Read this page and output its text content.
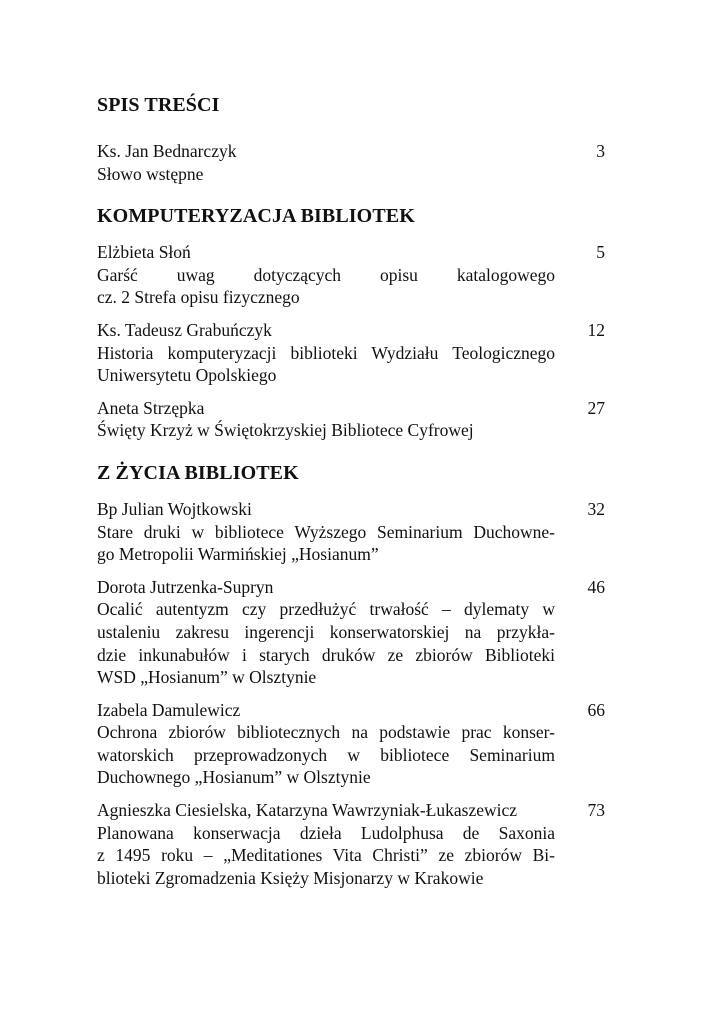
SPIS TREŚCI
Ks. Jan Bednarczyk
Słowo wstępne
3
KOMPUTERYZACJA BIBLIOTEK
Elżbieta Słoń
Garść uwag dotyczących opisu katalogowego
cz. 2 Strefa opisu fizycznego
5
Ks. Tadeusz Grabuńczyk
Historia komputeryzacji biblioteki Wydziału Teologicznego
Uniwersytetu Opolskiego
12
Aneta Strzępka
Święty Krzyż w Świętokrzyskiej Bibliotece Cyfrowej
27
Z ŻYCIA BIBLIOTEK
Bp Julian Wojtkowski
Stare druki w bibliotece Wyższego Seminarium Duchowne-
go Metropolii Warmińskiej „Hosianum”
32
Dorota Jutrzenka-Supryn
Ocalić autentyzm czy przedłużyć trwałość – dylematy w
ustaleniu zakresu ingerencji konserwatorskiej na przykła-
dzie inkunabułów i starych druków ze zbiorów Biblioteki
WSD „Hosianum” w Olsztynie
46
Izabela Damulewicz
Ochrona zbiorów bibliotecznych na podstawie prac konser-
watorskich przeprowadzonych w bibliotece Seminarium
Duchownego „Hosianum” w Olsztynie
66
Agnieszka Ciesielska, Katarzyna Wawrzyniak-Łukaszewicz
Planowana konserwacja dzieła Ludolphusa de Saxonia
z 1495 roku – „Meditationes Vita Christi” ze zbiorów Bi-
blioteki Zgromadzenia Księży Misjonarzy w Krakowie
73
